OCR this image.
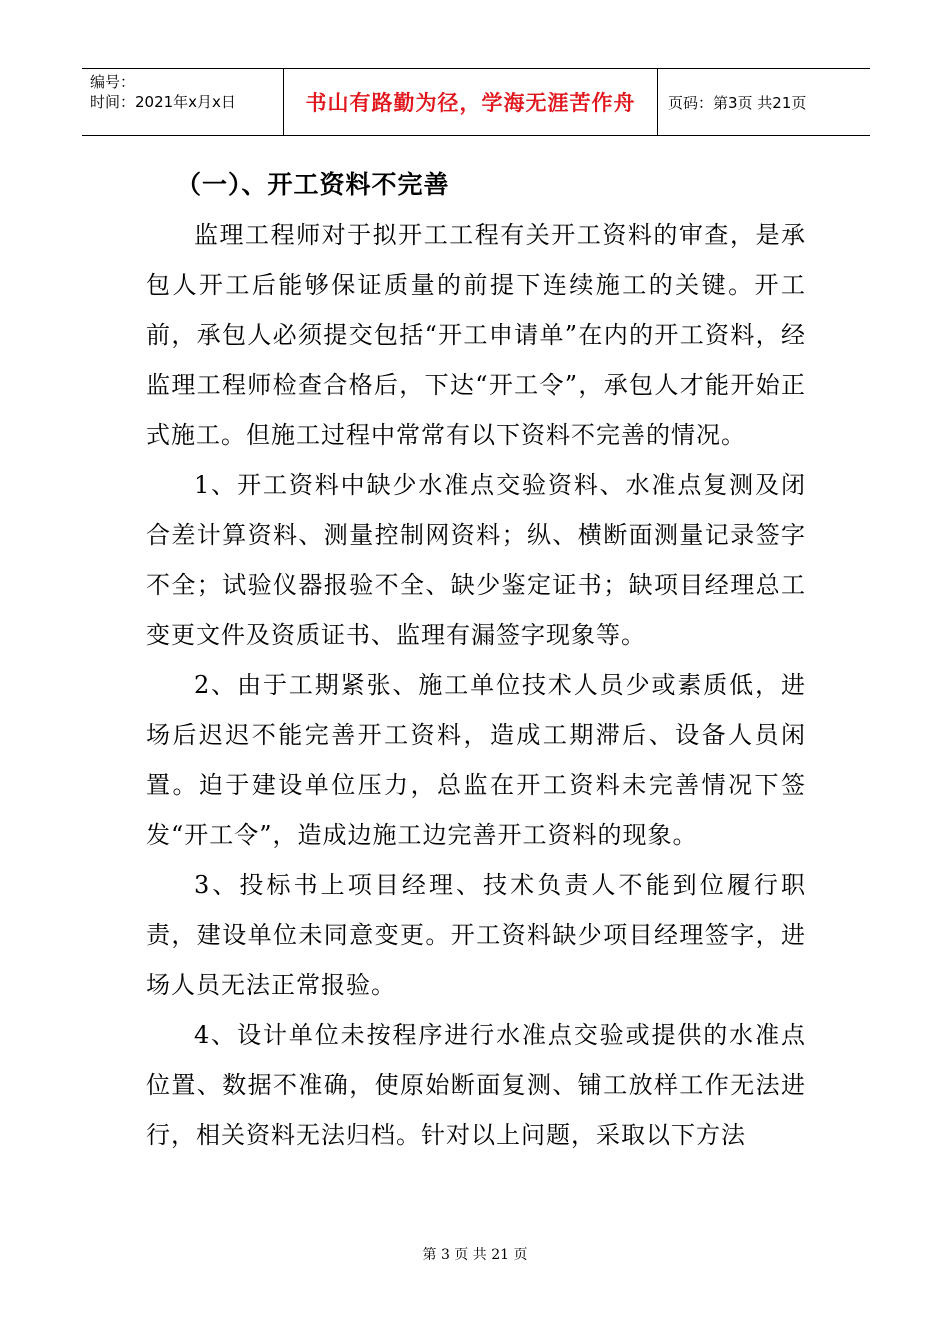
编号：
时间：2021年x月x日	书山有路勤为径，学海无涯苦作舟 页码：第3页 共21页

（一）、开工资料不完善

监理工程师对于拟开工工程有关开工资料的审查，是承包人开工后能够保证质量的前提下连续施工的关键。开工前，承包人必须提交包括“开工申请单”在内的开工资料，经监理工程师检查合格后，下达“开工令”，承包人才能开始正式施工。但施工过程中常常有以下资料不完善的情况。

1、开工资料中缺少水准点交验资料、水准点复测及闭合差计算资料、测量控制网资料；纵、横断面测量记录签字不全；试验仪器报验不全、缺少鉴定证书；缺项目经理总工变更文件及资质证书、监理有漏签字现象等。

2、由于工期紧张、施工单位技术人员少或素质低，进场后迟迟不能完善开工资料，造成工期滞后、设备人员闲置。迫于建设单位压力，总监在开工资料未完善情况下签发“开工令”，造成边施工边完善开工资料的现象。

3、投标书上项目经理、技术负责人不能到位履行职责，建设单位未同意变更。开工资料缺少项目经理签字，进场人员无法正常报验。

4、设计单位未按程序进行水准点交验或提供的水准点位置、数据不准确，使原始断面复测、铺工放样工作无法进行，相关资料无法归档。针对以上问题，采取以下方法

第 3 页 共 21 页
